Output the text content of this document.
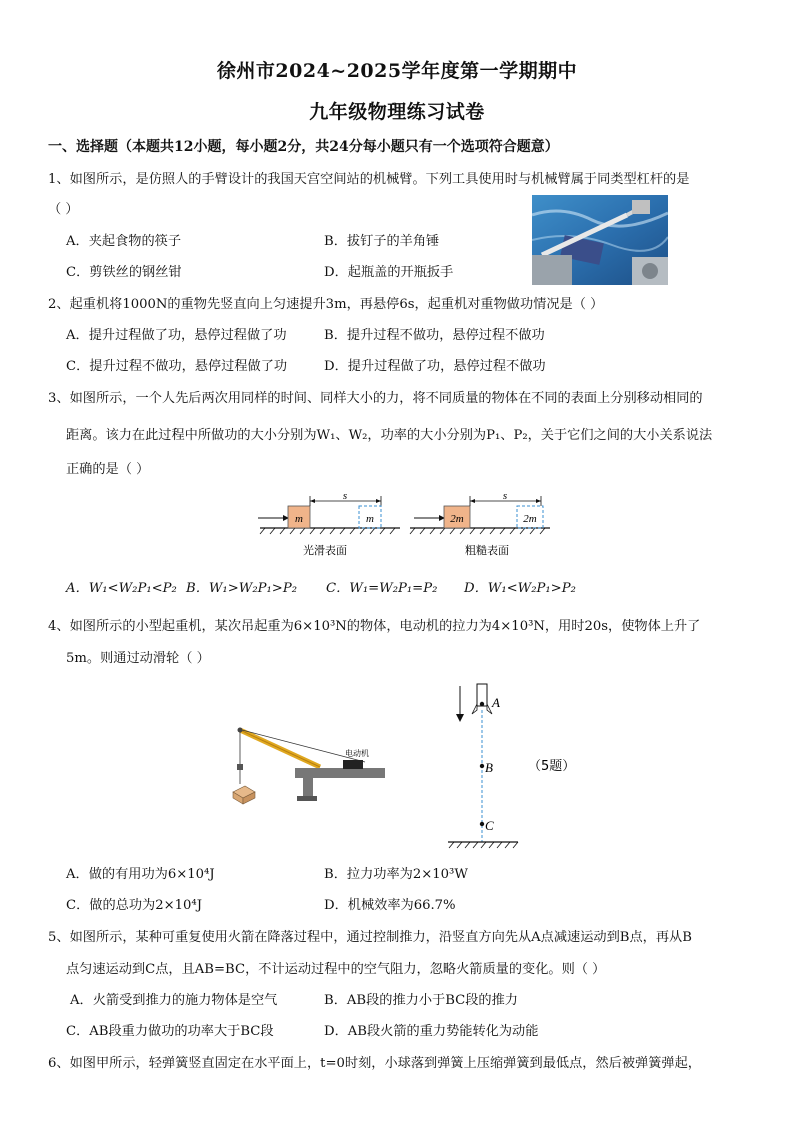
徐州市2024~2025学年度第一学期期中
九年级物理练习试卷
一、选择题（本题共12小题，每小题2分，共24分每小题只有一个选项符合题意）
1、如图所示，是仿照人的手臂设计的我国天宫空间站的机械臂。下列工具使用时与机械臂属于同类型杠杆的是
（ ）
A．夹起食物的筷子	B．拔钉子的羊角锤
C．剪铁丝的钢丝钳	D．起瓶盖的开瓶扳手
2、起重机将1000N的重物先竖直向上匀速提升3m，再悬停6s，起重机对重物做功情况是（ ）
A．提升过程做了功，悬停过程做了功	B．提升过程不做功，悬停过程不做功
C．提升过程不做功，悬停过程做了功	D．提升过程做了功，悬停过程不做功
3、如图所示，一个人先后两次用同样的时间、同样大小的力，将不同质量的物体在不同的表面上分别移动相同的
距离。该力在此过程中所做功的大小分别为W₁、W₂，功率的大小分别为P₁、P₂，关于它们之间的大小关系说法
正确的是（ ）
m
s
m
光滑表面
2m
s
2m
粗糙表面
A．W₁<W₂P₁<P₂ B．W₁>W₂P₁>P₂ C．W₁=W₂P₁=P₂ D．W₁<W₂P₁>P₂
4、如图所示的小型起重机，某次吊起重为6×10³N的物体，电动机的拉力为4×10³N，用时20s，使物体上升了
5m。则通过动滑轮（ ）
电动机
A
B
C
（5题）
A．做的有用功为6×10⁴J	B．拉力功率为2×10³W
C．做的总功为2×10⁴J	D．机械效率为66.7%
5、如图所示，某种可重复使用火箭在降落过程中，通过控制推力，沿竖直方向先从A点减速运动到B点，再从B
点匀速运动到C点，且AB=BC，不计运动过程中的空气阻力，忽略火箭质量的变化。则（ ）
A．火箭受到推力的施力物体是空气	B．AB段的推力小于BC段的推力
C．AB段重力做功的功率大于BC段	D．AB段火箭的重力势能转化为动能
6、如图甲所示，轻弹簧竖直固定在水平面上，t=0时刻，小球落到弹簧上压缩弹簧到最低点，然后被弹簧弹起，
